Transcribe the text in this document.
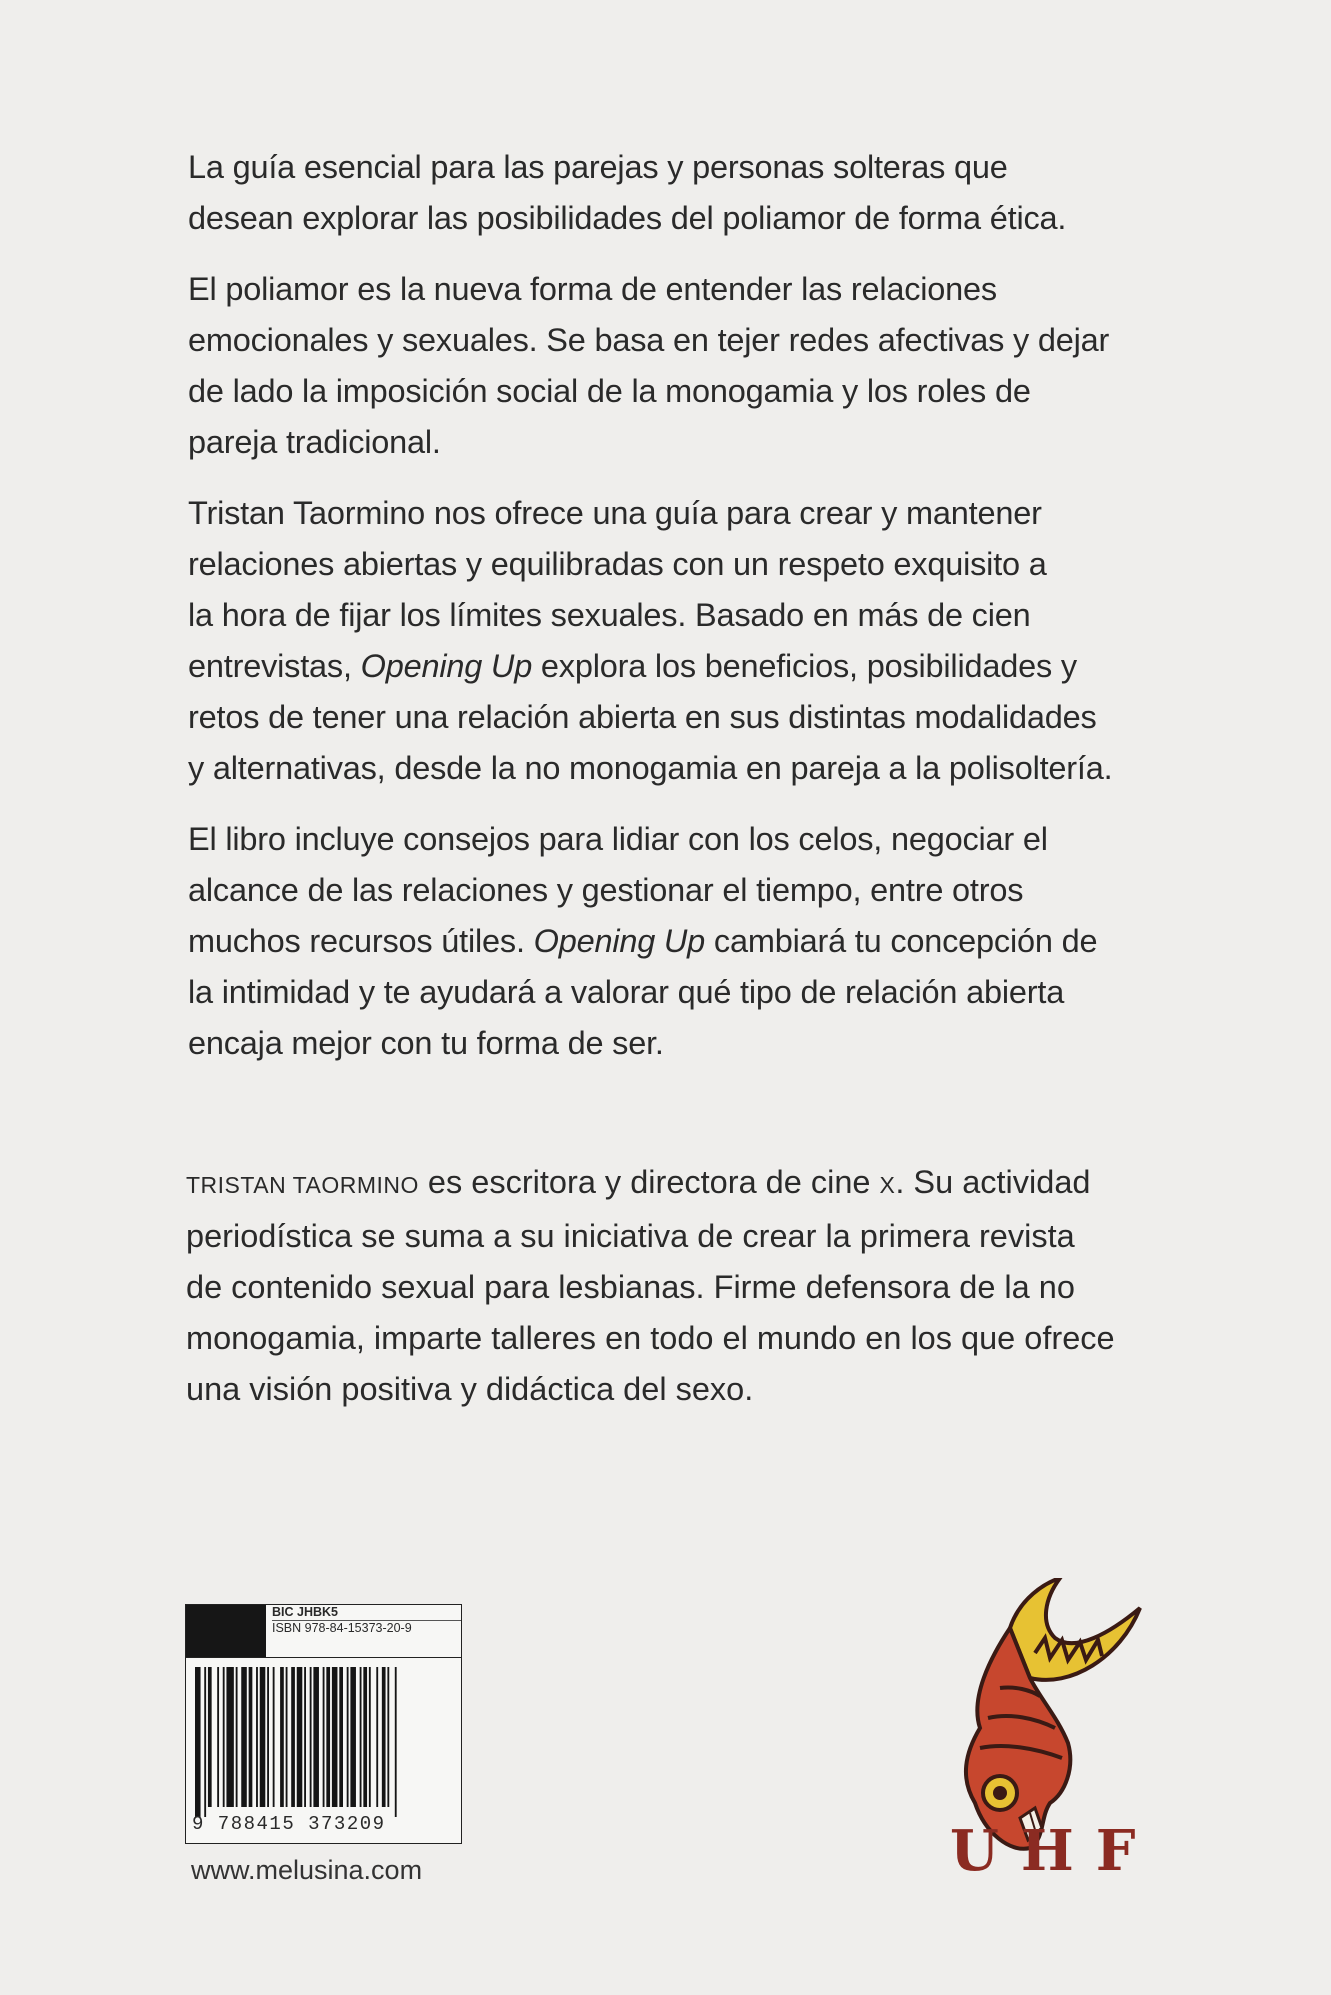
La guía esencial para las parejas y personas solteras que
desean explorar las posibilidades del poliamor de forma ética.

El poliamor es la nueva forma de entender las relaciones
emocionales y sexuales. Se basa en tejer redes afectivas y dejar
de lado la imposición social de la monogamia y los roles de
pareja tradicional.

Tristan Taormino nos ofrece una guía para crear y mantener
relaciones abiertas y equilibradas con un respeto exquisito a
la hora de fijar los límites sexuales. Basado en más de cien
entrevistas, Opening Up explora los beneficios, posibilidades y
retos de tener una relación abierta en sus distintas modalidades
y alternativas, desde la no monogamia en pareja a la polisoltería.

El libro incluye consejos para lidiar con los celos, negociar el
alcance de las relaciones y gestionar el tiempo, entre otros
muchos recursos útiles. Opening Up cambiará tu concepción de
la intimidad y te ayudará a valorar qué tipo de relación abierta
encaja mejor con tu forma de ser.

TRISTAN TAORMINO es escritora y directora de cine X. Su actividad
periodística se suma a su iniciativa de crear la primera revista
de contenido sexual para lesbianas. Firme defensora de la no
monogamia, imparte talleres en todo el mundo en los que ofrece
una visión positiva y didáctica del sexo.

BIC JHBK5
ISBN 978-84-15373-20-9
9 788415 373209
www.melusina.com	UHF
